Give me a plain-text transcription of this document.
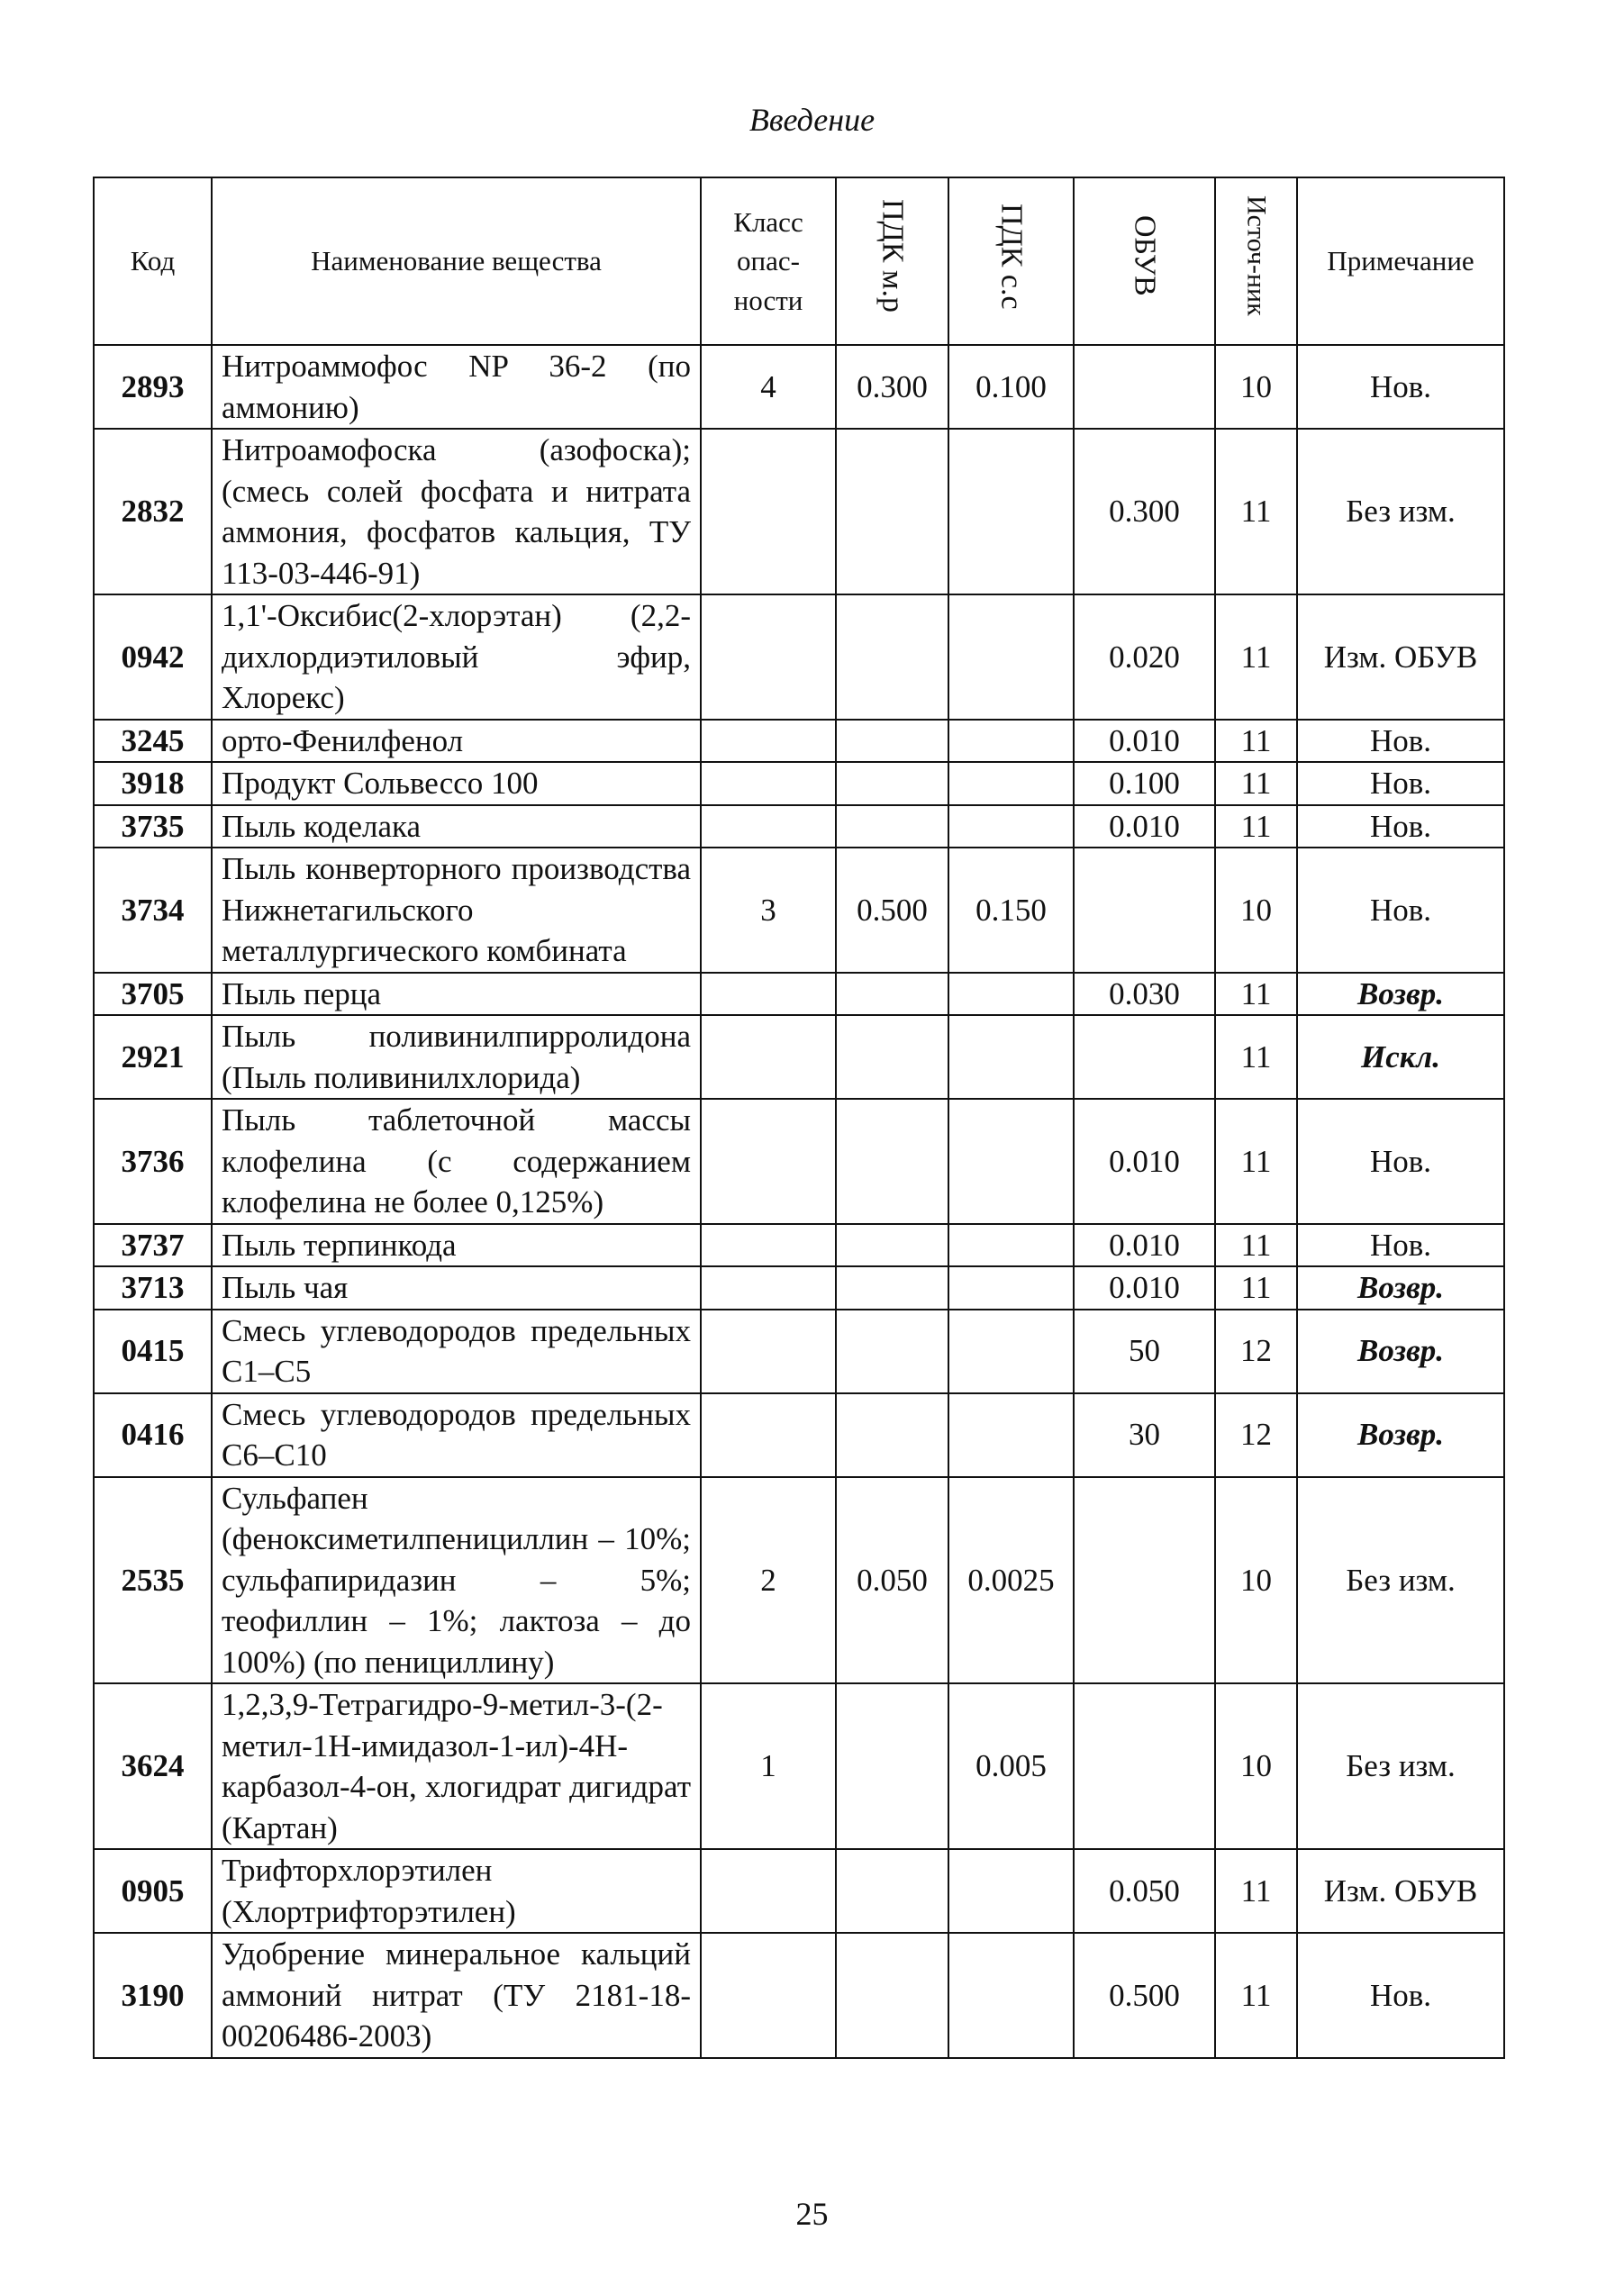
Введение
Код	Наименование вещества	Класс
опас-
ности	ПДК м.р	ПДК с.с	ОБУВ	Источ-ник	Примечание
2893	Нитроаммофос NP 36-2 (по аммонию)	4	0.300	0.100		10	Нов.
2832	Нитроамофоска (азофоска); (смесь солей фосфата и нитрата аммония, фосфатов кальция, ТУ 113-03-446-91)				0.300	11	Без изм.
0942	1,1'-Оксибис(2-хлорэтан) (2,2-дихлордиэтиловый эфир, Хлорекс)				0.020	11	Изм. ОБУВ
3245	орто-Фенилфенол				0.010	11	Нов.
3918	Продукт Сольвессо 100				0.100	11	Нов.
3735	Пыль коделака				0.010	11	Нов.
3734	Пыль конверторного производства Нижнетагильского металлургического комбината	3	0.500	0.150		10	Нов.
3705	Пыль перца				0.030	11	Возвр.
2921	Пыль поливинилпирролидона (Пыль поливинилхлорида)					11	Искл.
3736	Пыль таблеточной массы клофелина (с содержанием клофелина не более 0,125%)				0.010	11	Нов.
3737	Пыль терпинкода				0.010	11	Нов.
3713	Пыль чая				0.010	11	Возвр.
0415	Смесь углеводородов предельных C1–C5				50	12	Возвр.
0416	Смесь углеводородов предельных C6–C10				30	12	Возвр.
2535	Сульфапен (феноксиметилпенициллин – 10%; сульфапиридазин – 5%; теофиллин – 1%; лактоза – до 100%) (по пенициллину)	2	0.050	0.0025		10	Без изм.
3624	1,2,3,9-Тетрагидро-9-метил-3-(2-метил-1Н-имидазол-1-ил)-4Н-карбазол-4-он, хлогидрат дигидрат (Картан)	1		0.005		10	Без изм.
0905	Трифторхлорэтилен (Хлортрифторэтилен)				0.050	11	Изм. ОБУВ
3190	Удобрение минеральное кальций аммоний нитрат (ТУ 2181-18-00206486-2003)				0.500	11	Нов.
25
